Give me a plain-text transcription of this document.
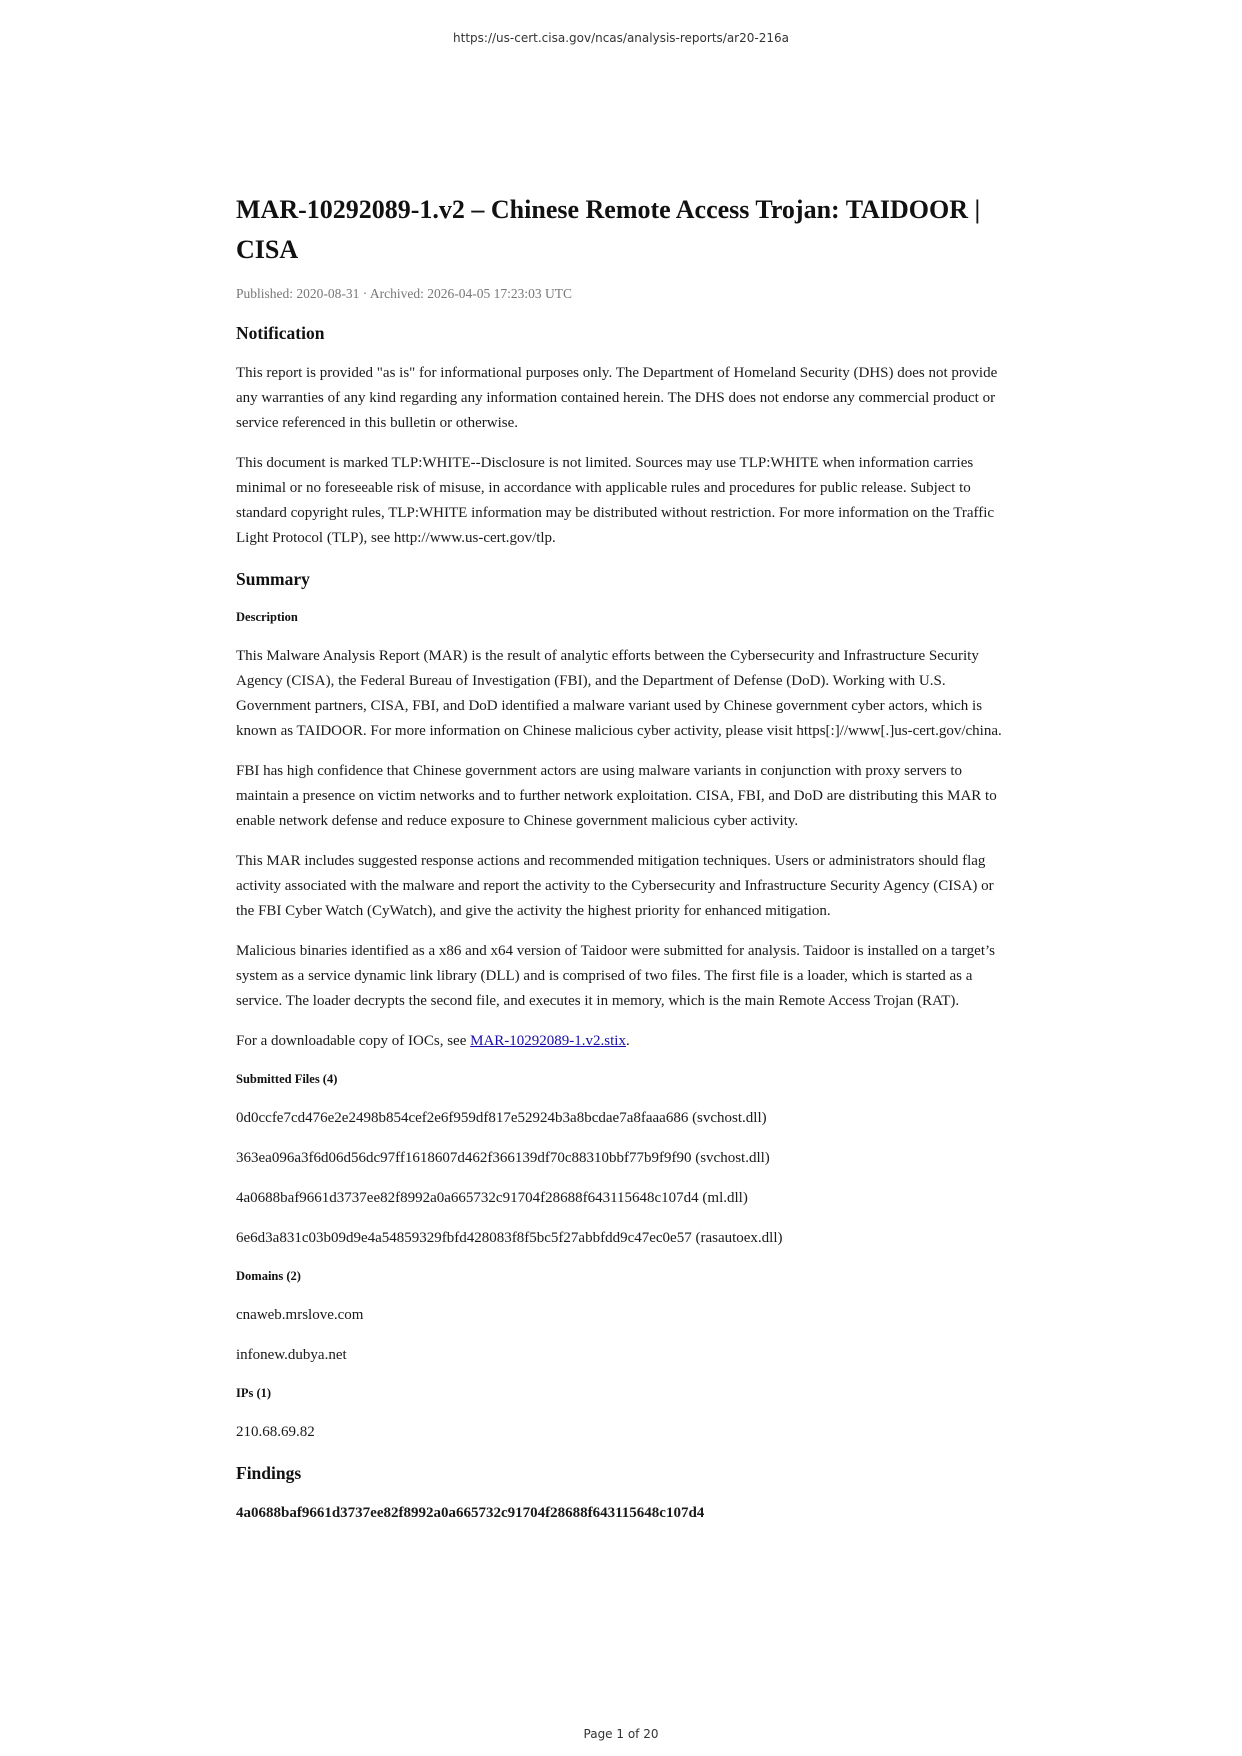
https://us-cert.cisa.gov/ncas/analysis-reports/ar20-216a
MAR-10292089-1.v2 – Chinese Remote Access Trojan: TAIDOOR | CISA
Published: 2020-08-31 · Archived: 2026-04-05 17:23:03 UTC
Notification

This report is provided "as is" for informational purposes only. The Department of Homeland Security (DHS) does not provide any warranties of any kind regarding any information contained herein. The DHS does not endorse any commercial product or service referenced in this bulletin or otherwise.

This document is marked TLP:WHITE--Disclosure is not limited. Sources may use TLP:WHITE when information carries minimal or no foreseeable risk of misuse, in accordance with applicable rules and procedures for public release. Subject to standard copyright rules, TLP:WHITE information may be distributed without restriction. For more information on the Traffic Light Protocol (TLP), see http://www.us-cert.gov/tlp.

Summary
Description

This Malware Analysis Report (MAR) is the result of analytic efforts between the Cybersecurity and Infrastructure Security Agency (CISA), the Federal Bureau of Investigation (FBI), and the Department of Defense (DoD). Working with U.S. Government partners, CISA, FBI, and DoD identified a malware variant used by Chinese government cyber actors, which is known as TAIDOOR. For more information on Chinese malicious cyber activity, please visit https[:]//www[.]us-cert.gov/china.

FBI has high confidence that Chinese government actors are using malware variants in conjunction with proxy servers to maintain a presence on victim networks and to further network exploitation. CISA, FBI, and DoD are distributing this MAR to enable network defense and reduce exposure to Chinese government malicious cyber activity.

This MAR includes suggested response actions and recommended mitigation techniques. Users or administrators should flag activity associated with the malware and report the activity to the Cybersecurity and Infrastructure Security Agency (CISA) or the FBI Cyber Watch (CyWatch), and give the activity the highest priority for enhanced mitigation.

Malicious binaries identified as a x86 and x64 version of Taidoor were submitted for analysis. Taidoor is installed on a target’s system as a service dynamic link library (DLL) and is comprised of two files. The first file is a loader, which is started as a service. The loader decrypts the second file, and executes it in memory, which is the main Remote Access Trojan (RAT).

For a downloadable copy of IOCs, see MAR-10292089-1.v2.stix.

Submitted Files (4)

0d0ccfe7cd476e2e2498b854cef2e6f959df817e52924b3a8bcdae7a8faaa686 (svchost.dll)

363ea096a3f6d06d56dc97ff1618607d462f366139df70c88310bbf77b9f9f90 (svchost.dll)

4a0688baf9661d3737ee82f8992a0a665732c91704f28688f643115648c107d4 (ml.dll)

6e6d3a831c03b09d9e4a54859329fbfd428083f8f5bc5f27abbfdd9c47ec0e57 (rasautoex.dll)

Domains (2)

cnaweb.mrslove.com

infonew.dubya.net

IPs (1)

210.68.69.82

Findings

4a0688baf9661d3737ee82f8992a0a665732c91704f28688f643115648c107d4

Page 1 of 20
